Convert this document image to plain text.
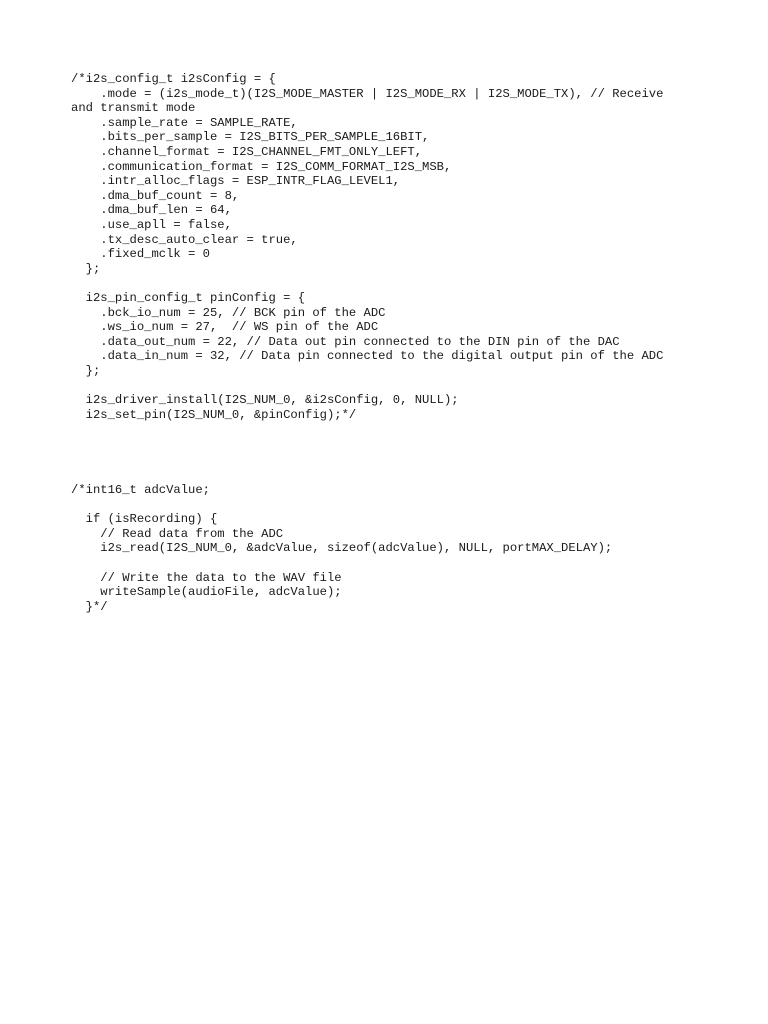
/*i2s_config_t i2sConfig = {
.mode = (i2s_mode_t)(I2S_MODE_MASTER | I2S_MODE_RX | I2S_MODE_TX), // Receive
and transmit mode
.sample_rate = SAMPLE_RATE,
.bits_per_sample = I2S_BITS_PER_SAMPLE_16BIT,
.channel_format = I2S_CHANNEL_FMT_ONLY_LEFT,
.communication_format = I2S_COMM_FORMAT_I2S_MSB,
.intr_alloc_flags = ESP_INTR_FLAG_LEVEL1,
.dma_buf_count = 8,
.dma_buf_len = 64,
.use_apll = false,
.tx_desc_auto_clear = true,
.fixed_mclk = 0
};
i2s_pin_config_t pinConfig = {
.bck_io_num = 25, // BCK pin of the ADC
.ws_io_num = 27,  // WS pin of the ADC
.data_out_num = 22, // Data out pin connected to the DIN pin of the DAC
.data_in_num = 32, // Data pin connected to the digital output pin of the ADC
};
i2s_driver_install(I2S_NUM_0, &i2sConfig, 0, NULL);
i2s_set_pin(I2S_NUM_0, &pinConfig);*/
/*int16_t adcValue;
if (isRecording) {
// Read data from the ADC
i2s_read(I2S_NUM_0, &adcValue, sizeof(adcValue), NULL, portMAX_DELAY);
// Write the data to the WAV file
writeSample(audioFile, adcValue);
}*/
